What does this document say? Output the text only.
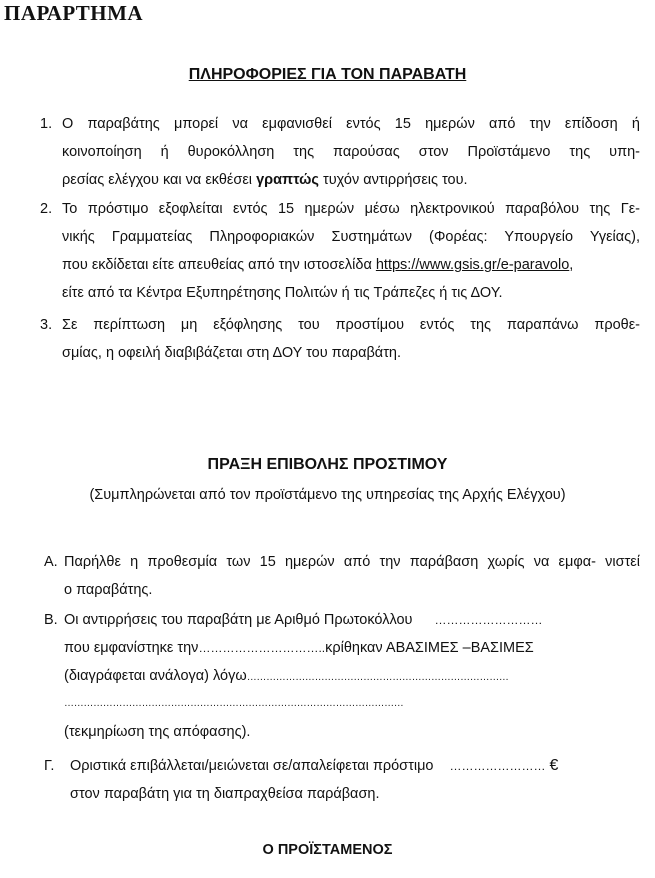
ΠΑΡΑΡΤΗΜΑ
ΠΛΗΡΟΦΟΡΙΕΣ ΓΙΑ ΤΟΝ ΠΑΡΑΒΑΤΗ
1. Ο παραβάτης μπορεί να εμφανισθεί εντός 15 ημερών από την επίδοση ή
κοινοποίηση ή θυροκόλληση της παρούσας στον Προϊστάμενο της υπη-
ρεσίας ελέγχου και να εκθέσει γραπτώς τυχόν αντιρρήσεις του.
2. Το πρόστιμο εξοφλείται εντός 15 ημερών μέσω ηλεκτρονικού παραβόλου της Γε-
νικής Γραμματείας Πληροφοριακών Συστημάτων (Φορέας: Υπουργείο Υγείας),
που εκδίδεται είτε απευθείας από την ιστοσελίδα https://www.gsis.gr/e-paravolo,
είτε από τα Κέντρα Εξυπηρέτησης Πολιτών ή τις Τράπεζες ή τις ΔΟΥ.
3. Σε περίπτωση μη εξόφλησης του προστίμου εντός της παραπάνω προθε-
σμίας, η οφειλή διαβιβάζεται στη ΔΟΥ του παραβάτη.
ΠΡΑΞΗ ΕΠΙΒΟΛΗΣ ΠΡΟΣΤΙΜΟΥ
(Συμπληρώνεται από τον προϊστάμενο της υπηρεσίας της Αρχής Ελέγχου)
Α. Παρήλθε η προθεσμία των 15 ημερών από την παράβαση χωρίς να εμφα- νιστεί
ο παραβάτης.
Β. Οι αντιρρήσεις του παραβάτη με Αριθμό Πρωτοκόλλου ………………………
που εμφανίστηκε την…………………………..κρίθηκαν ΑΒΑΣΙΜΕΣ –ΒΑΣΙΜΕΣ
(διαγράφεται ανάλογα) λόγω………………………………………………………………………
……………………………………………………………………………………………
(τεκμηρίωση της απόφασης).
Γ. Οριστικά επιβάλλεται/μειώνεται σε/απαλείφεται πρόστιμο …………………… €
στον παραβάτη για τη διαπραχθείσα παράβαση.
Ο ΠΡΟΪΣΤΑΜΕΝΟΣ
